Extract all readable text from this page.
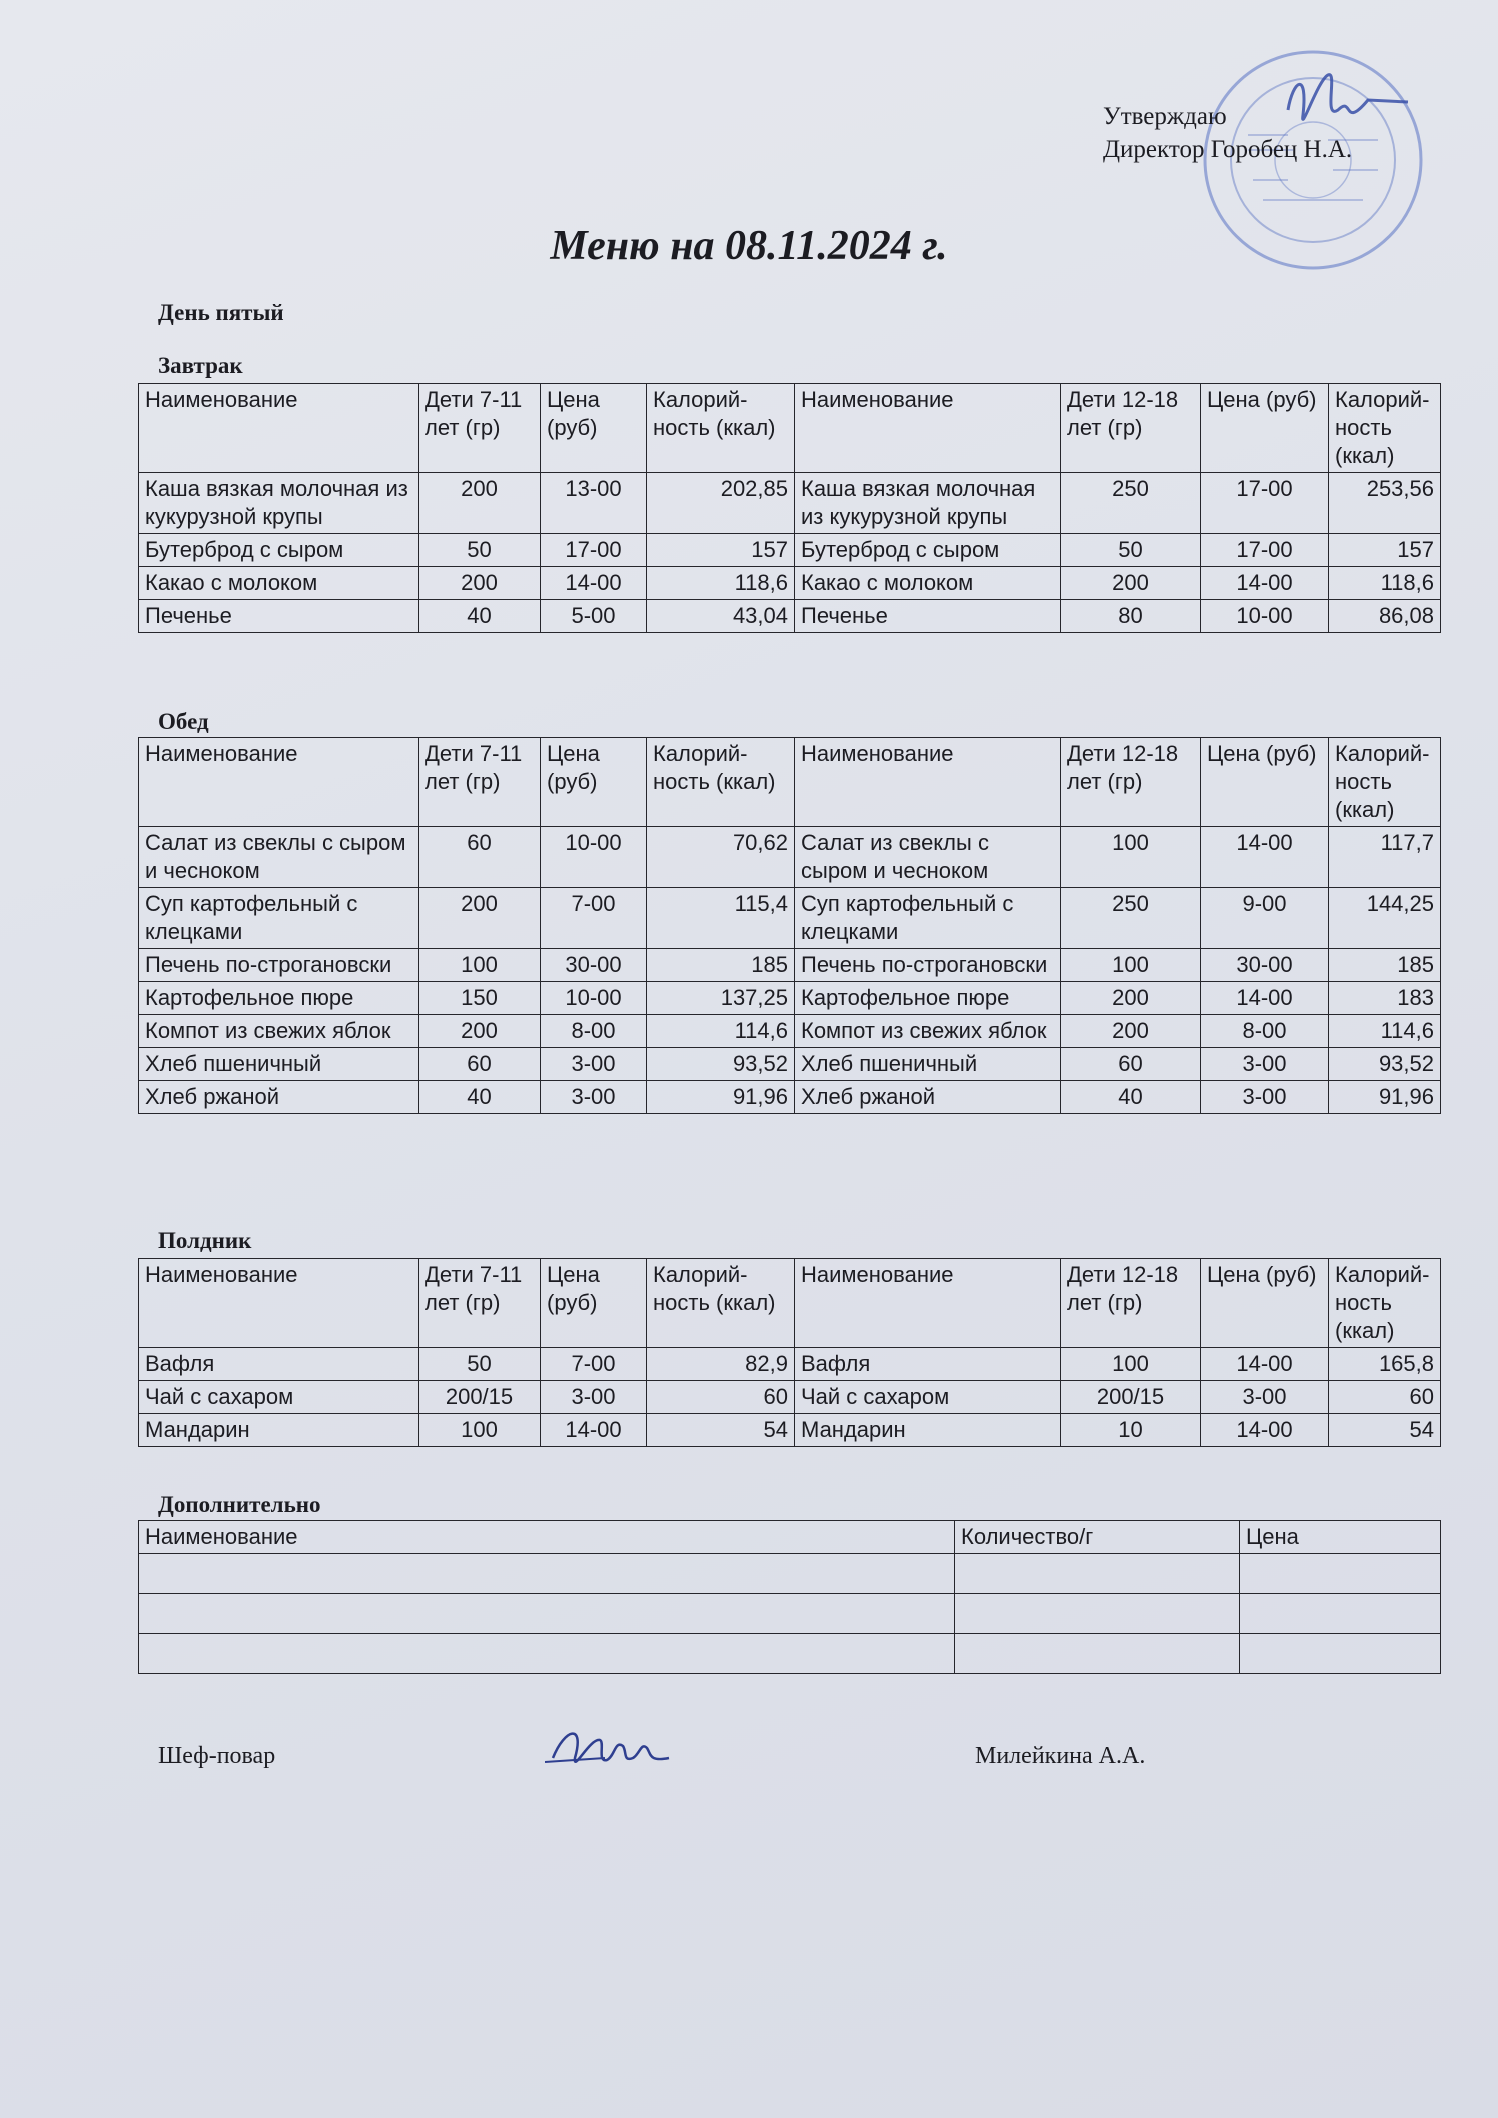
Утверждаю
Директор Горобец Н.А.
Меню на 08.11.2024 г.
День пятый
Завтрак
Наименование	Дети 7-11 лет (гр)	Цена (руб)	Калорий-ность (ккал)	Наименование	Дети 12-18 лет (гр)	Цена (руб)	Калорий-ность (ккал)
Каша вязкая молочная из кукурузной крупы	200	13-00	202,85	Каша вязкая молочная из кукурузной крупы	250	17-00	253,56
Бутерброд с сыром	50	17-00	157	Бутерброд с сыром	50	17-00	157
Какао с молоком	200	14-00	118,6	Какао с молоком	200	14-00	118,6
Печенье	40	5-00	43,04	Печенье	80	10-00	86,08
Обед
Наименование	Дети 7-11 лет (гр)	Цена (руб)	Калорий-ность (ккал)	Наименование	Дети 12-18 лет (гр)	Цена (руб)	Калорий-ность (ккал)
Салат из свеклы с сыром и чесноком	60	10-00	70,62	Салат из свеклы с сыром и чесноком	100	14-00	117,7
Суп картофельный с клецками	200	7-00	115,4	Суп картофельный с клецками	250	9-00	144,25
Печень по-строгановски	100	30-00	185	Печень по-строгановски	100	30-00	185
Картофельное пюре	150	10-00	137,25	Картофельное пюре	200	14-00	183
Компот из свежих яблок	200	8-00	114,6	Компот из свежих яблок	200	8-00	114,6
Хлеб пшеничный	60	3-00	93,52	Хлеб пшеничный	60	3-00	93,52
Хлеб ржаной	40	3-00	91,96	Хлеб ржаной	40	3-00	91,96
Полдник
Наименование	Дети 7-11 лет (гр)	Цена (руб)	Калорий-ность (ккал)	Наименование	Дети 12-18 лет (гр)	Цена (руб)	Калорий-ность (ккал)
Вафля	50	7-00	82,9	Вафля	100	14-00	165,8
Чай с сахаром	200/15	3-00	60	Чай с сахаром	200/15	3-00	60
Мандарин	100	14-00	54	Мандарин	10	14-00	54
Дополнительно
Наименование	Количество/г	Цена

Шеф-повар	Милейкина А.А.
